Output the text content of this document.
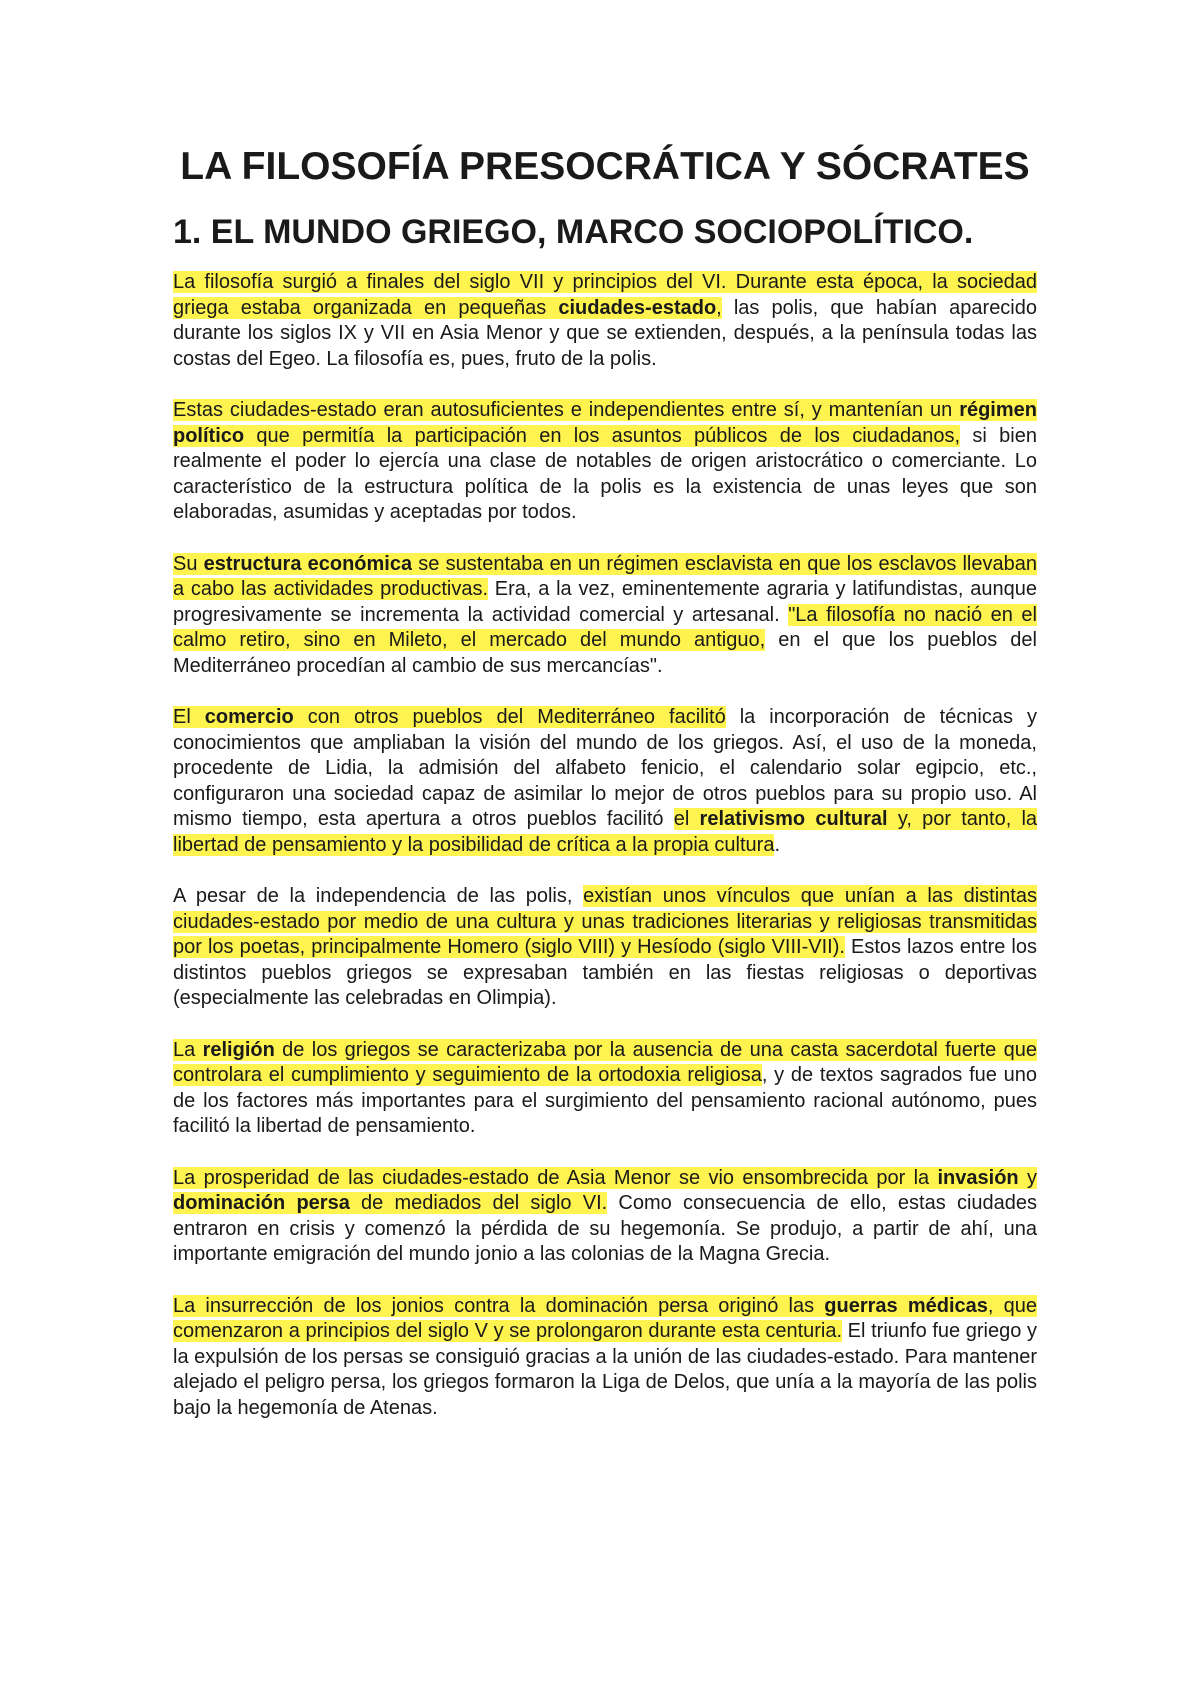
LA FILOSOFÍA PRESOCRÁTICA Y SÓCRATES
1. EL MUNDO GRIEGO, MARCO SOCIOPOLÍTICO.

La filosofía surgió a finales del siglo VII y principios del VI. Durante esta época, la sociedad griega estaba organizada en pequeñas ciudades-estado, las polis, que habían aparecido durante los siglos IX y VII en Asia Menor y que se extienden, después, a la península todas las costas del Egeo. La filosofía es, pues, fruto de la polis.

Estas ciudades-estado eran autosuficientes e independientes entre sí, y mantenían un régimen político que permitía la participación en los asuntos públicos de los ciudadanos, si bien realmente el poder lo ejercía una clase de notables de origen aristocrático o comerciante. Lo característico de la estructura política de la polis es la existencia de unas leyes que son elaboradas, asumidas y aceptadas por todos.

Su estructura económica se sustentaba en un régimen esclavista en que los esclavos llevaban a cabo las actividades productivas. Era, a la vez, eminentemente agraria y latifundistas, aunque progresivamente se incrementa la actividad comercial y artesanal. "La filosofía no nació en el calmo retiro, sino en Mileto, el mercado del mundo antiguo, en el que los pueblos del Mediterráneo procedían al cambio de sus mercancías".

El comercio con otros pueblos del Mediterráneo facilitó la incorporación de técnicas y conocimientos que ampliaban la visión del mundo de los griegos. Así, el uso de la moneda, procedente de Lidia, la admisión del alfabeto fenicio, el calendario solar egipcio, etc., configuraron una sociedad capaz de asimilar lo mejor de otros pueblos para su propio uso. Al mismo tiempo, esta apertura a otros pueblos facilitó el relativismo cultural y, por tanto, la libertad de pensamiento y la posibilidad de crítica a la propia cultura.

A pesar de la independencia de las polis, existían unos vínculos que unían a las distintas ciudades-estado por medio de una cultura y unas tradiciones literarias y religiosas transmitidas por los poetas, principalmente Homero (siglo VIII) y Hesíodo (siglo VIII-VII). Estos lazos entre los distintos pueblos griegos se expresaban también en las fiestas religiosas o deportivas (especialmente las celebradas en Olimpia).

La religión de los griegos se caracterizaba por la ausencia de una casta sacerdotal fuerte que controlara el cumplimiento y seguimiento de la ortodoxia religiosa, y de textos sagrados fue uno de los factores más importantes para el surgimiento del pensamiento racional autónomo, pues facilitó la libertad de pensamiento.

La prosperidad de las ciudades-estado de Asia Menor se vio ensombrecida por la invasión y dominación persa de mediados del siglo VI. Como consecuencia de ello, estas ciudades entraron en crisis y comenzó la pérdida de su hegemonía. Se produjo, a partir de ahí, una importante emigración del mundo jonio a las colonias de la Magna Grecia.

La insurrección de los jonios contra la dominación persa originó las guerras médicas, que comenzaron a principios del siglo V y se prolongaron durante esta centuria. El triunfo fue griego y la expulsión de los persas se consiguió gracias a la unión de las ciudades-estado. Para mantener alejado el peligro persa, los griegos formaron la Liga de Delos, que unía a la mayoría de las polis bajo la hegemonía de Atenas.
